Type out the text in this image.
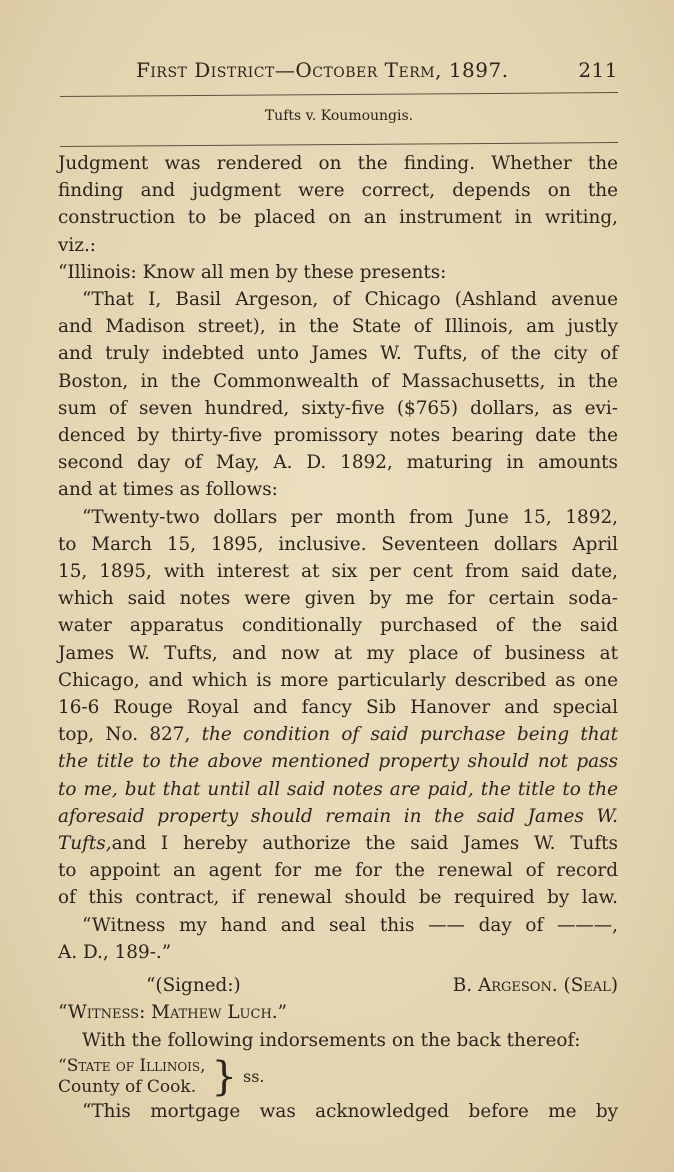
First District—October Term, 1897.	211
Tufts v. Koumoungis.
Judgment was rendered on the finding. Whether the
finding and judgment were correct, depends on the
construction to be placed on an instrument in writing,
viz.:
“Illinois: Know all men by these presents:
“That I, Basil Argeson, of Chicago (Ashland avenue
and Madison street), in the State of Illinois, am justly
and truly indebted unto James W. Tufts, of the city of
Boston, in the Commonwealth of Massachusetts, in the
sum of seven hundred, sixty-five ($765) dollars, as evi-
denced by thirty-five promissory notes bearing date the
second day of May, A. D. 1892, maturing in amounts
and at times as follows:
“Twenty-two dollars per month from June 15, 1892,
to March 15, 1895, inclusive. Seventeen dollars April
15, 1895, with interest at six per cent from said date,
which said notes were given by me for certain soda-
water apparatus conditionally purchased of the said
James W. Tufts, and now at my place of business at
Chicago, and which is more particularly described as one
16-6 Rouge Royal and fancy Sib Hanover and special
top, No. 827, the condition of said purchase being that
the title to the above mentioned property should not pass
to me, but that until all said notes are paid, the title to the
aforesaid property should remain in the said James W.
Tufts,and I hereby authorize the said James W. Tufts
to appoint an agent for me for the renewal of record
of this contract, if renewal should be required by law.
“Witness my hand and seal this —— day of ———,
A. D., 189-.”
“(Signed:)	B. Argeson. (Seal)
“Witness: Mathew Luch.”
With the following indorsements on the back thereof:
“State of Illinois,
County of Cook. } ss.
“This mortgage was acknowledged before me by
